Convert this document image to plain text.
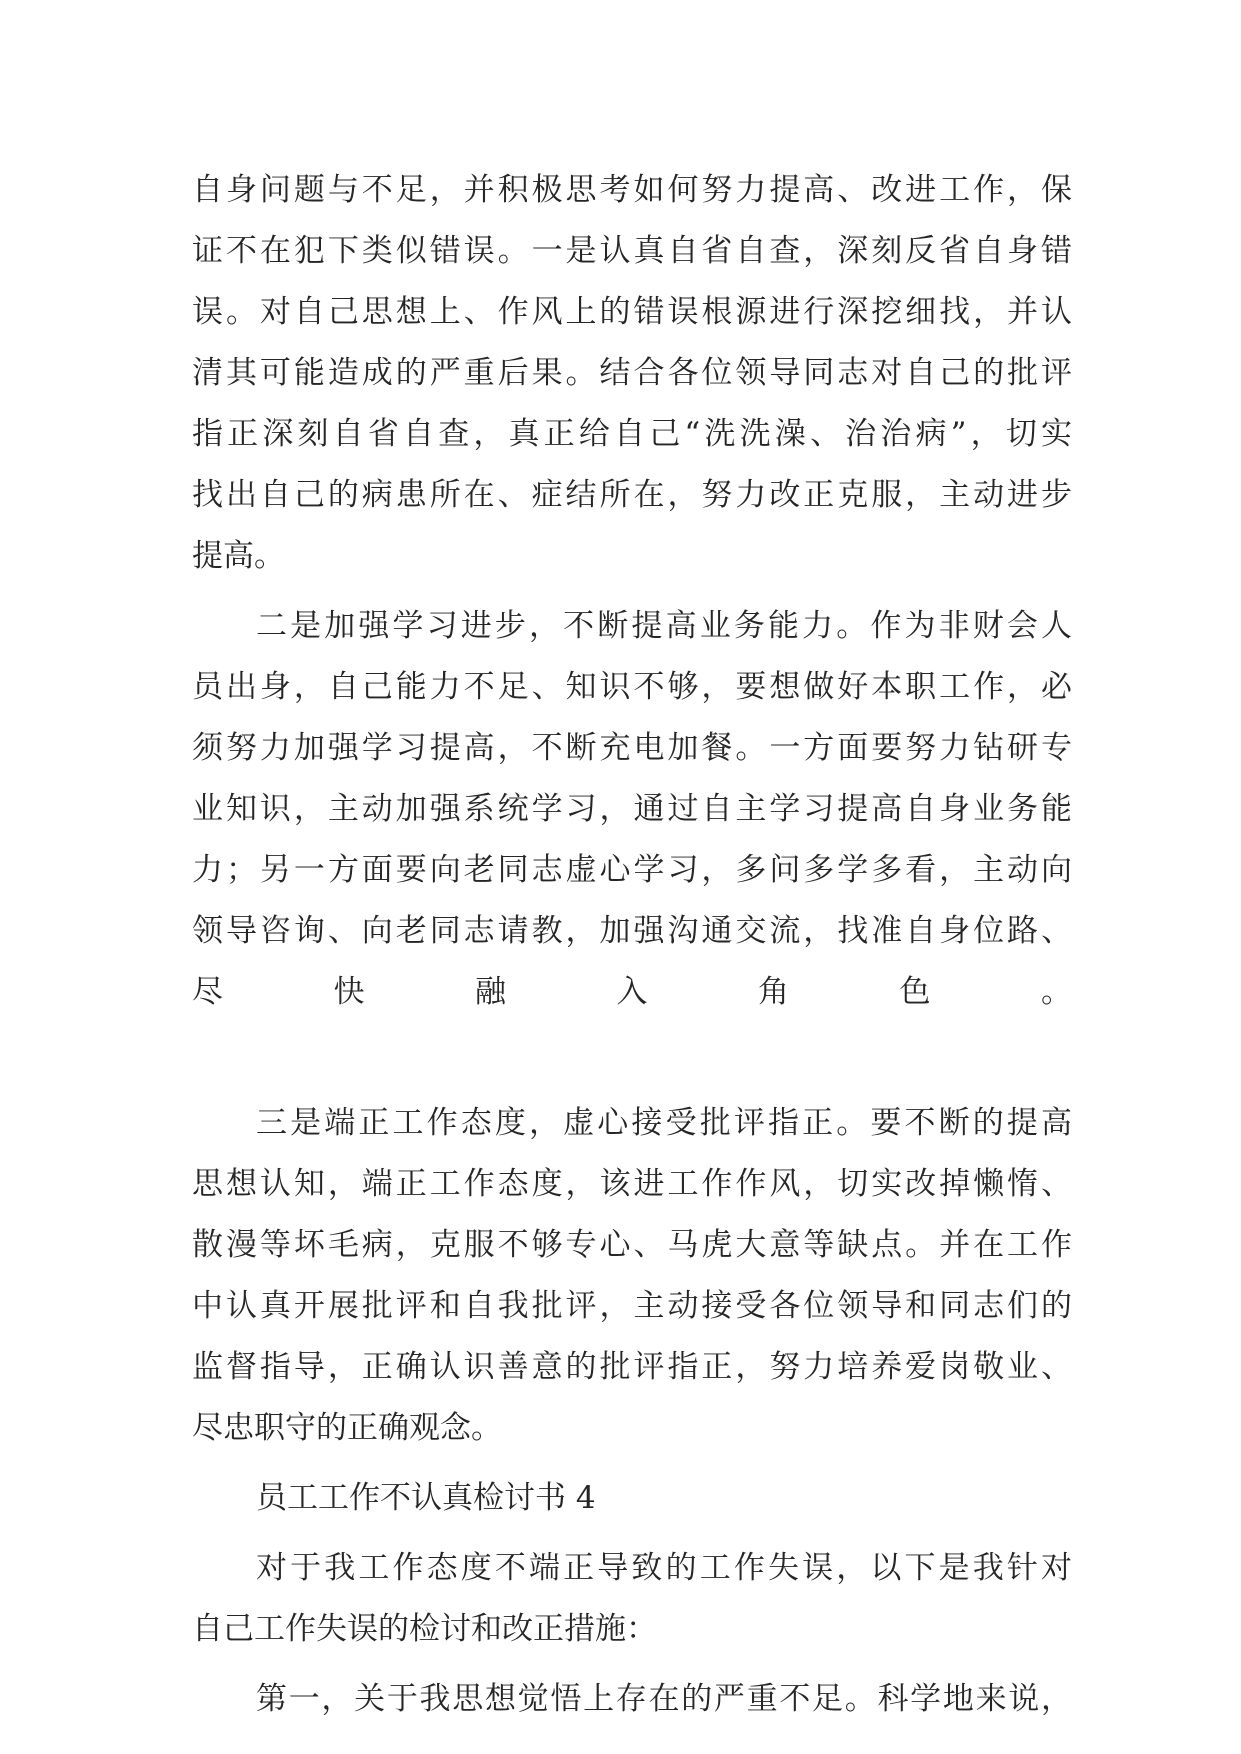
自身问题与不足，并积极思考如何努力提高、改进工作，保
证不在犯下类似错误。一是认真自省自查，深刻反省自身错
误。对自己思想上、作风上的错误根源进行深挖细找，并认
清其可能造成的严重后果。结合各位领导同志对自己的批评
指正深刻自省自查，真正给自己“洗洗澡、治治病”，切实
找出自己的病患所在、症结所在，努力改正克服，主动进步
提高。
二是加强学习进步，不断提高业务能力。作为非财会人
员出身，自己能力不足、知识不够，要想做好本职工作，必
须努力加强学习提高，不断充电加餐。一方面要努力钻研专
业知识，主动加强系统学习，通过自主学习提高自身业务能
力；另一方面要向老同志虚心学习，多问多学多看，主动向
领导咨询、向老同志请教，加强沟通交流，找准自身位路、
尽快融入角色。
三是端正工作态度，虚心接受批评指正。要不断的提高
思想认知，端正工作态度，该进工作作风，切实改掉懒惰、
散漫等坏毛病，克服不够专心、马虎大意等缺点。并在工作
中认真开展批评和自我批评，主动接受各位领导和同志们的
监督指导，正确认识善意的批评指正，努力培养爱岗敬业、
尽忠职守的正确观念。
员工工作不认真检讨书 4
对于我工作态度不端正导致的工作失误，以下是我针对
自己工作失误的检讨和改正措施：
第一，关于我思想觉悟上存在的严重不足。科学地来说，
